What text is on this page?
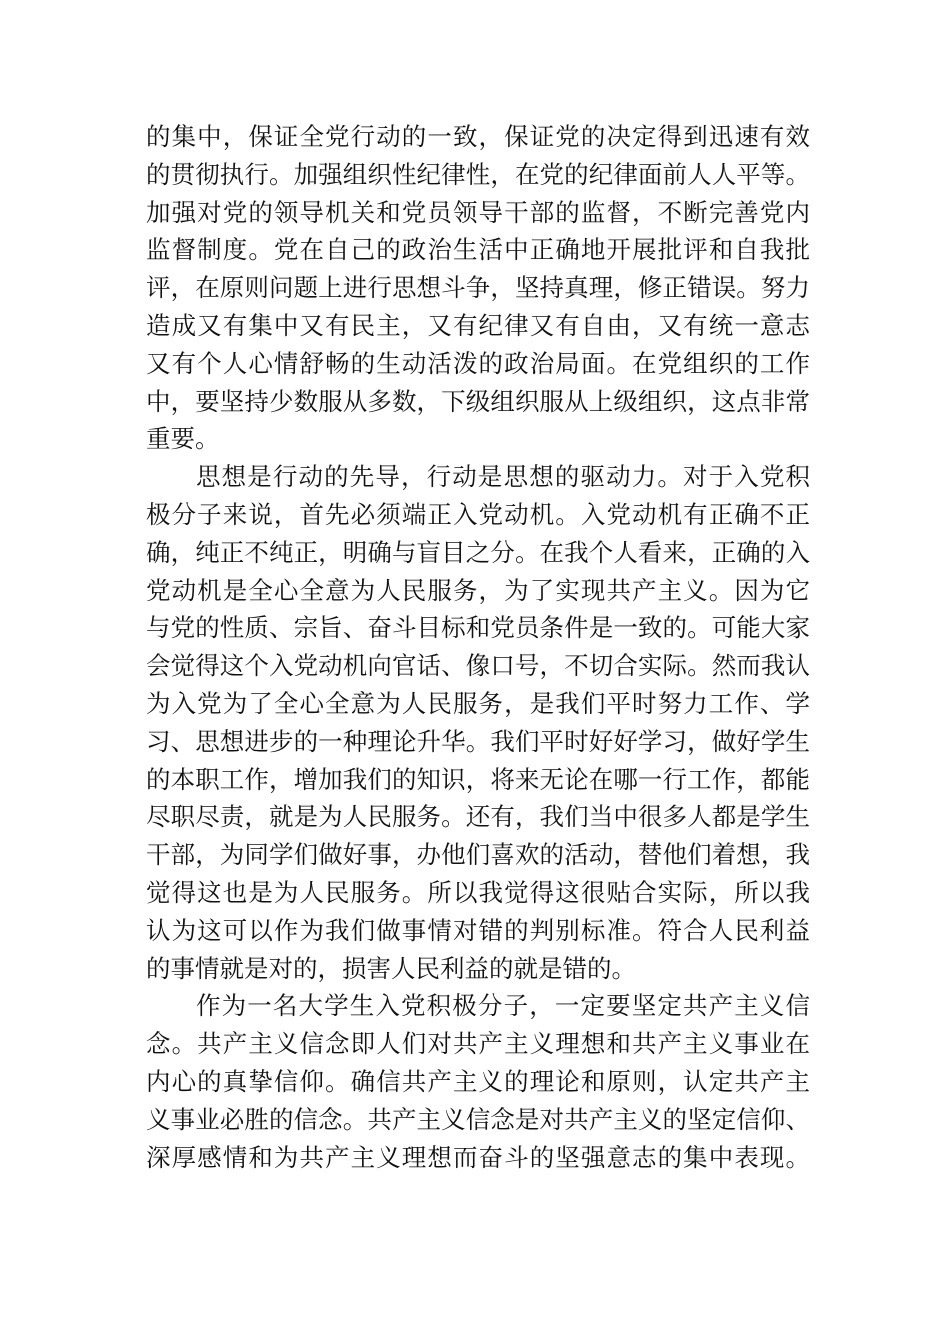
的集中，保证全党行动的一致，保证党的决定得到迅速有效
的贯彻执行。加强组织性纪律性，在党的纪律面前人人平等。
加强对党的领导机关和党员领导干部的监督，不断完善党内
监督制度。党在自己的政治生活中正确地开展批评和自我批
评，在原则问题上进行思想斗争，坚持真理，修正错误。努力
造成又有集中又有民主，又有纪律又有自由，又有统一意志
又有个人心情舒畅的生动活泼的政治局面。在党组织的工作
中，要坚持少数服从多数，下级组织服从上级组织，这点非常
重要。
思想是行动的先导，行动是思想的驱动力。对于入党积
极分子来说，首先必须端正入党动机。入党动机有正确不正
确，纯正不纯正，明确与盲目之分。在我个人看来，正确的入
党动机是全心全意为人民服务，为了实现共产主义。因为它
与党的性质、宗旨、奋斗目标和党员条件是一致的。可能大家
会觉得这个入党动机向官话、像口号，不切合实际。然而我认
为入党为了全心全意为人民服务，是我们平时努力工作、学
习、思想进步的一种理论升华。我们平时好好学习，做好学生
的本职工作，增加我们的知识，将来无论在哪一行工作，都能
尽职尽责，就是为人民服务。还有，我们当中很多人都是学生
干部，为同学们做好事，办他们喜欢的活动，替他们着想，我
觉得这也是为人民服务。所以我觉得这很贴合实际，所以我
认为这可以作为我们做事情对错的判别标准。符合人民利益
的事情就是对的，损害人民利益的就是错的。
作为一名大学生入党积极分子，一定要坚定共产主义信
念。共产主义信念即人们对共产主义理想和共产主义事业在
内心的真挚信仰。确信共产主义的理论和原则，认定共产主
义事业必胜的信念。共产主义信念是对共产主义的坚定信仰、
深厚感情和为共产主义理想而奋斗的坚强意志的集中表现。
